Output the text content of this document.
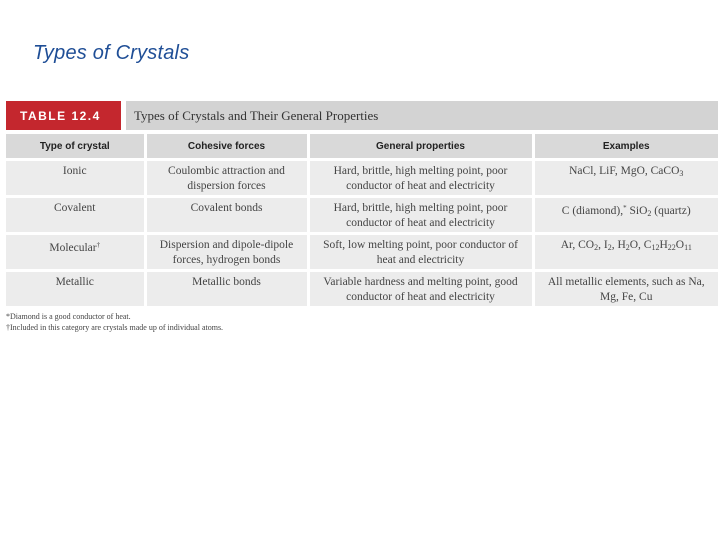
Types of Crystals
TABLE 12.4	Types of Crystals and Their General Properties
Type of crystal	Cohesive forces	General properties	Examples
Ionic	Coulombic attraction and dispersion forces	Hard, brittle, high melting point, poor conductor of heat and electricity	NaCl, LiF, MgO, CaCO$_3$
Covalent	Covalent bonds	Hard, brittle, high melting point, poor conductor of heat and electricity	C (diamond),* SiO$_2$ (quartz)
Molecular†	Dispersion and dipole-dipole forces, hydrogen bonds	Soft, low melting point, poor conductor of heat and electricity	Ar, $CO_2$, $I_2$, $H_2O$, $C_{12}H_{22}O_{11}$
Metallic	Metallic bonds	Variable hardness and melting point, good conductor of heat and electricity	All metallic elements, such as Na, Mg, Fe, Cu
*Diamond is a good conductor of heat.
†Included in this category are crystals made up of individual atoms.
